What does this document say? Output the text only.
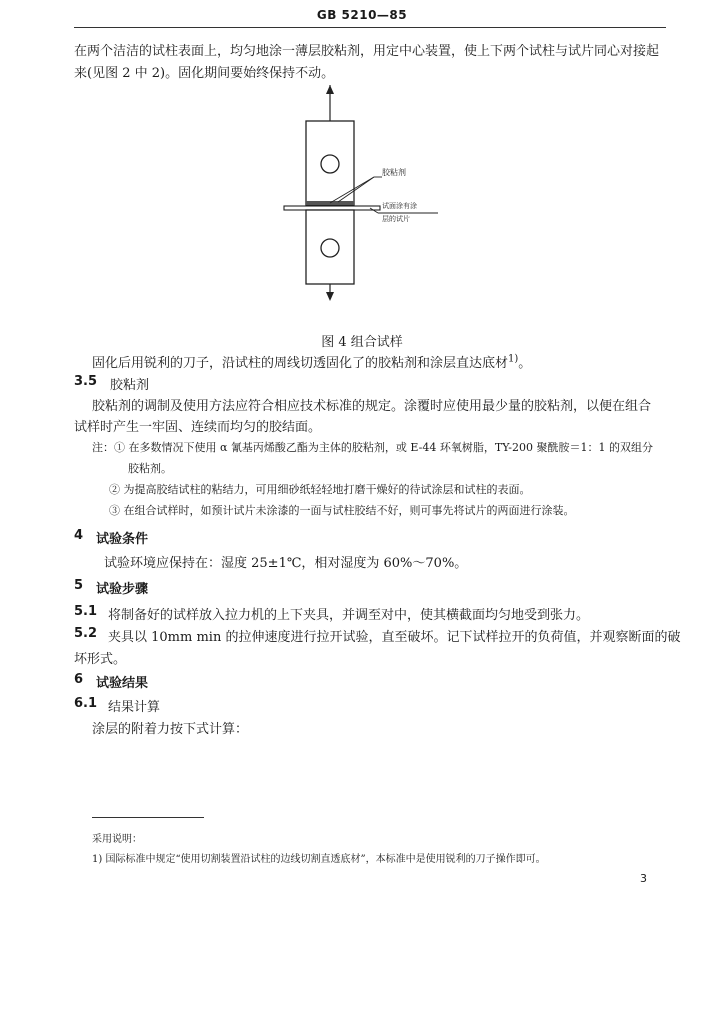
GB 5210—85
在两个洁洁的试柱表面上，均匀地涂一薄层胶粘剂，用定中心装置，使上下两个试柱与试片同心对接起
来(见图 2 中 2)。固化期间要始终保持不动。
胶粘剂
试面涂有涂
层的试片
图 4 组合试样
固化后用锐利的刀子，沿试柱的周线切透固化了的胶粘剂和涂层直达底材$^{1)}$。
3.5 胶粘剂
胶粘剂的调制及使用方法应符合相应技术标准的规定。涂覆时应使用最少量的胶粘剂，以便在组合
试样时产生一牢固、连续而均匀的胶结面。
注：① 在多数情况下使用 α 氰基丙烯酸乙酯为主体的胶粘剂，或 E-44 环氧树脂，TY-200 聚酰胺＝1：1 的双组分
胶粘剂。
② 为提高胶结试柱的粘结力，可用细砂纸轻轻地打磨干燥好的待试涂层和试柱的表面。
③ 在组合试样时，如预计试片未涂漆的一面与试柱胶结不好，则可事先将试片的两面进行涂装。
4 试验条件
试验环境应保持在：湿度 25±1℃，相对湿度为 60%～70%。
5 试验步骤
5.1 将制备好的试样放入拉力机的上下夹具，并调至对中，使其横截面均匀地受到张力。
5.2 夹具以 10mm min 的拉伸速度进行拉开试验，直至破坏。记下试样拉开的负荷值，并观察断面的破
坏形式。
6 试验结果
6.1 结果计算
涂层的附着力按下式计算：
采用说明：
1) 国际标准中规定“使用切割装置沿试柱的边线切割直透底材”，本标准中是使用锐利的刀子操作即可。
3
